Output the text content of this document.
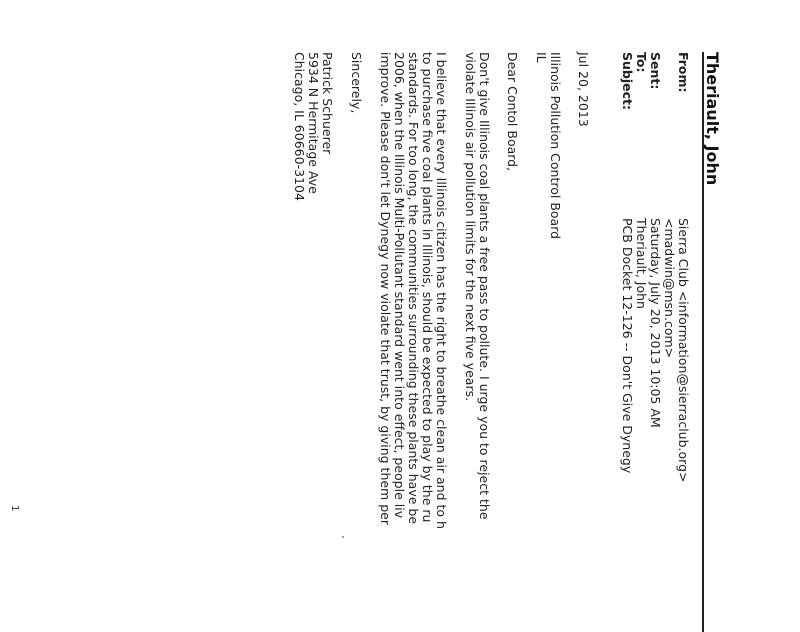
Theriault, John
From:
Sierra Club <information@sierraclub.org>
<madwin@msn.com>
Sent:
Saturday, July 20, 2013 10:05 AM
To:
Theriault, John
Subject:
PCB Docket 12-126 -- Don't Give Dynegy
Jul 20, 2013
Illinois Pollution Control Board
IL
Dear Contol Board,
Don't give Illinois coal plants a free pass to pollute. I urge you to reject the
violate Illinois air pollution limits for the next five years.
I believe that every Illinois citizen has the right to breathe clean air and to h
to purchase five coal plants in Illinois, should be expected to play by the ru
standards. For too long, the communities surrounding these plants have be
2006, when the Illinois Multi-Pollutant standard went into effect, people liv
improve. Please don't let Dynegy now violate that trust, by giving them per
Sincerely,
Patrick Schuerer
5934 N Hermitage Ave
Chicago, IL 60660-3104
1
